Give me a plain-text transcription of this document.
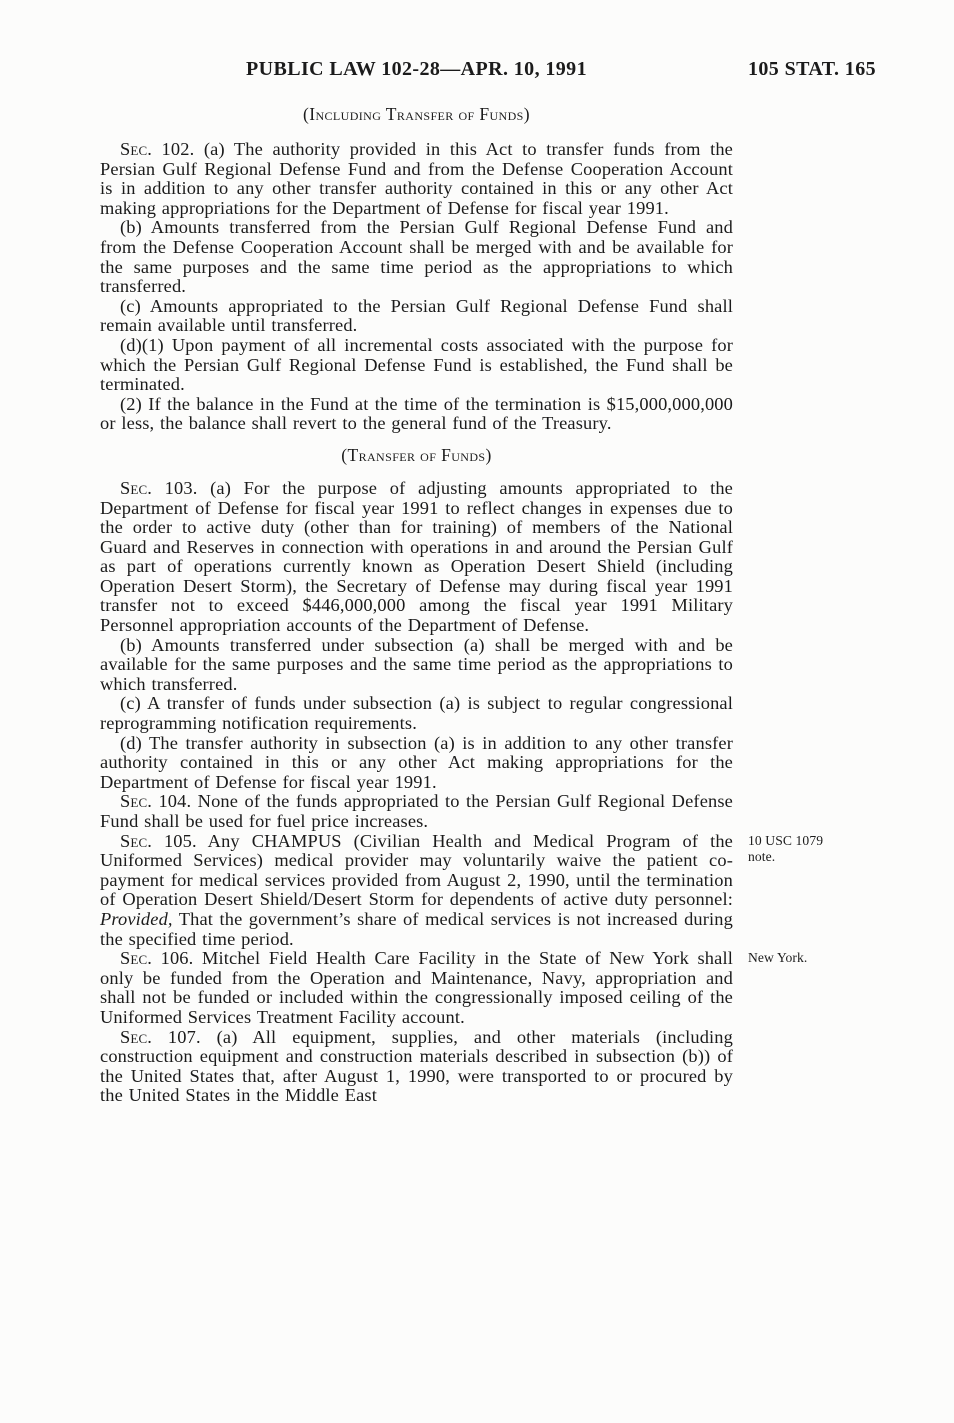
PUBLIC LAW 102-28—APR. 10, 1991	105 STAT. 165
(Including Transfer of Funds)

Sec. 102. (a) The authority provided in this Act to transfer funds from the Persian Gulf Regional Defense Fund and from the Defense Cooperation Account is in addition to any other transfer authority contained in this or any other Act making appropriations for the Department of Defense for fiscal year 1991.

(b) Amounts transferred from the Persian Gulf Regional Defense Fund and from the Defense Cooperation Account shall be merged with and be available for the same purposes and the same time period as the appropriations to which transferred.

(c) Amounts appropriated to the Persian Gulf Regional Defense Fund shall remain available until transferred.

(d)(1) Upon payment of all incremental costs associated with the purpose for which the Persian Gulf Regional Defense Fund is established, the Fund shall be terminated.

(2) If the balance in the Fund at the time of the termination is $15,000,000,000 or less, the balance shall revert to the general fund of the Treasury.

(Transfer of Funds)

Sec. 103. (a) For the purpose of adjusting amounts appropriated to the Department of Defense for fiscal year 1991 to reflect changes in expenses due to the order to active duty (other than for training) of members of the National Guard and Reserves in connection with operations in and around the Persian Gulf as part of operations currently known as Operation Desert Shield (including Operation Desert Storm), the Secretary of Defense may during fiscal year 1991 transfer not to exceed $446,000,000 among the fiscal year 1991 Military Personnel appropriation accounts of the Department of Defense.

(b) Amounts transferred under subsection (a) shall be merged with and be available for the same purposes and the same time period as the appropriations to which transferred.

(c) A transfer of funds under subsection (a) is subject to regular congressional reprogramming notification requirements.

(d) The transfer authority in subsection (a) is in addition to any other transfer authority contained in this or any other Act making appropriations for the Department of Defense for fiscal year 1991.

Sec. 104. None of the funds appropriated to the Persian Gulf Regional Defense Fund shall be used for fuel price increases.

Sec. 105. Any CHAMPUS (Civilian Health and Medical Program of the Uniformed Services) medical provider may voluntarily waive the patient co-payment for medical services provided from August 2, 1990, until the termination of Operation Desert Shield/Desert Storm for dependents of active duty personnel: Provided, That the government’s share of medical services is not increased during the specified time period.
10 USC 1079 note.

Sec. 106. Mitchel Field Health Care Facility in the State of New York shall only be funded from the Operation and Maintenance, Navy, appropriation and shall not be funded or included within the congressionally imposed ceiling of the Uniformed Services Treatment Facility account.
New York.

Sec. 107. (a) All equipment, supplies, and other materials (including construction equipment and construction materials described in subsection (b)) of the United States that, after August 1, 1990, were transported to or procured by the United States in the Middle East
